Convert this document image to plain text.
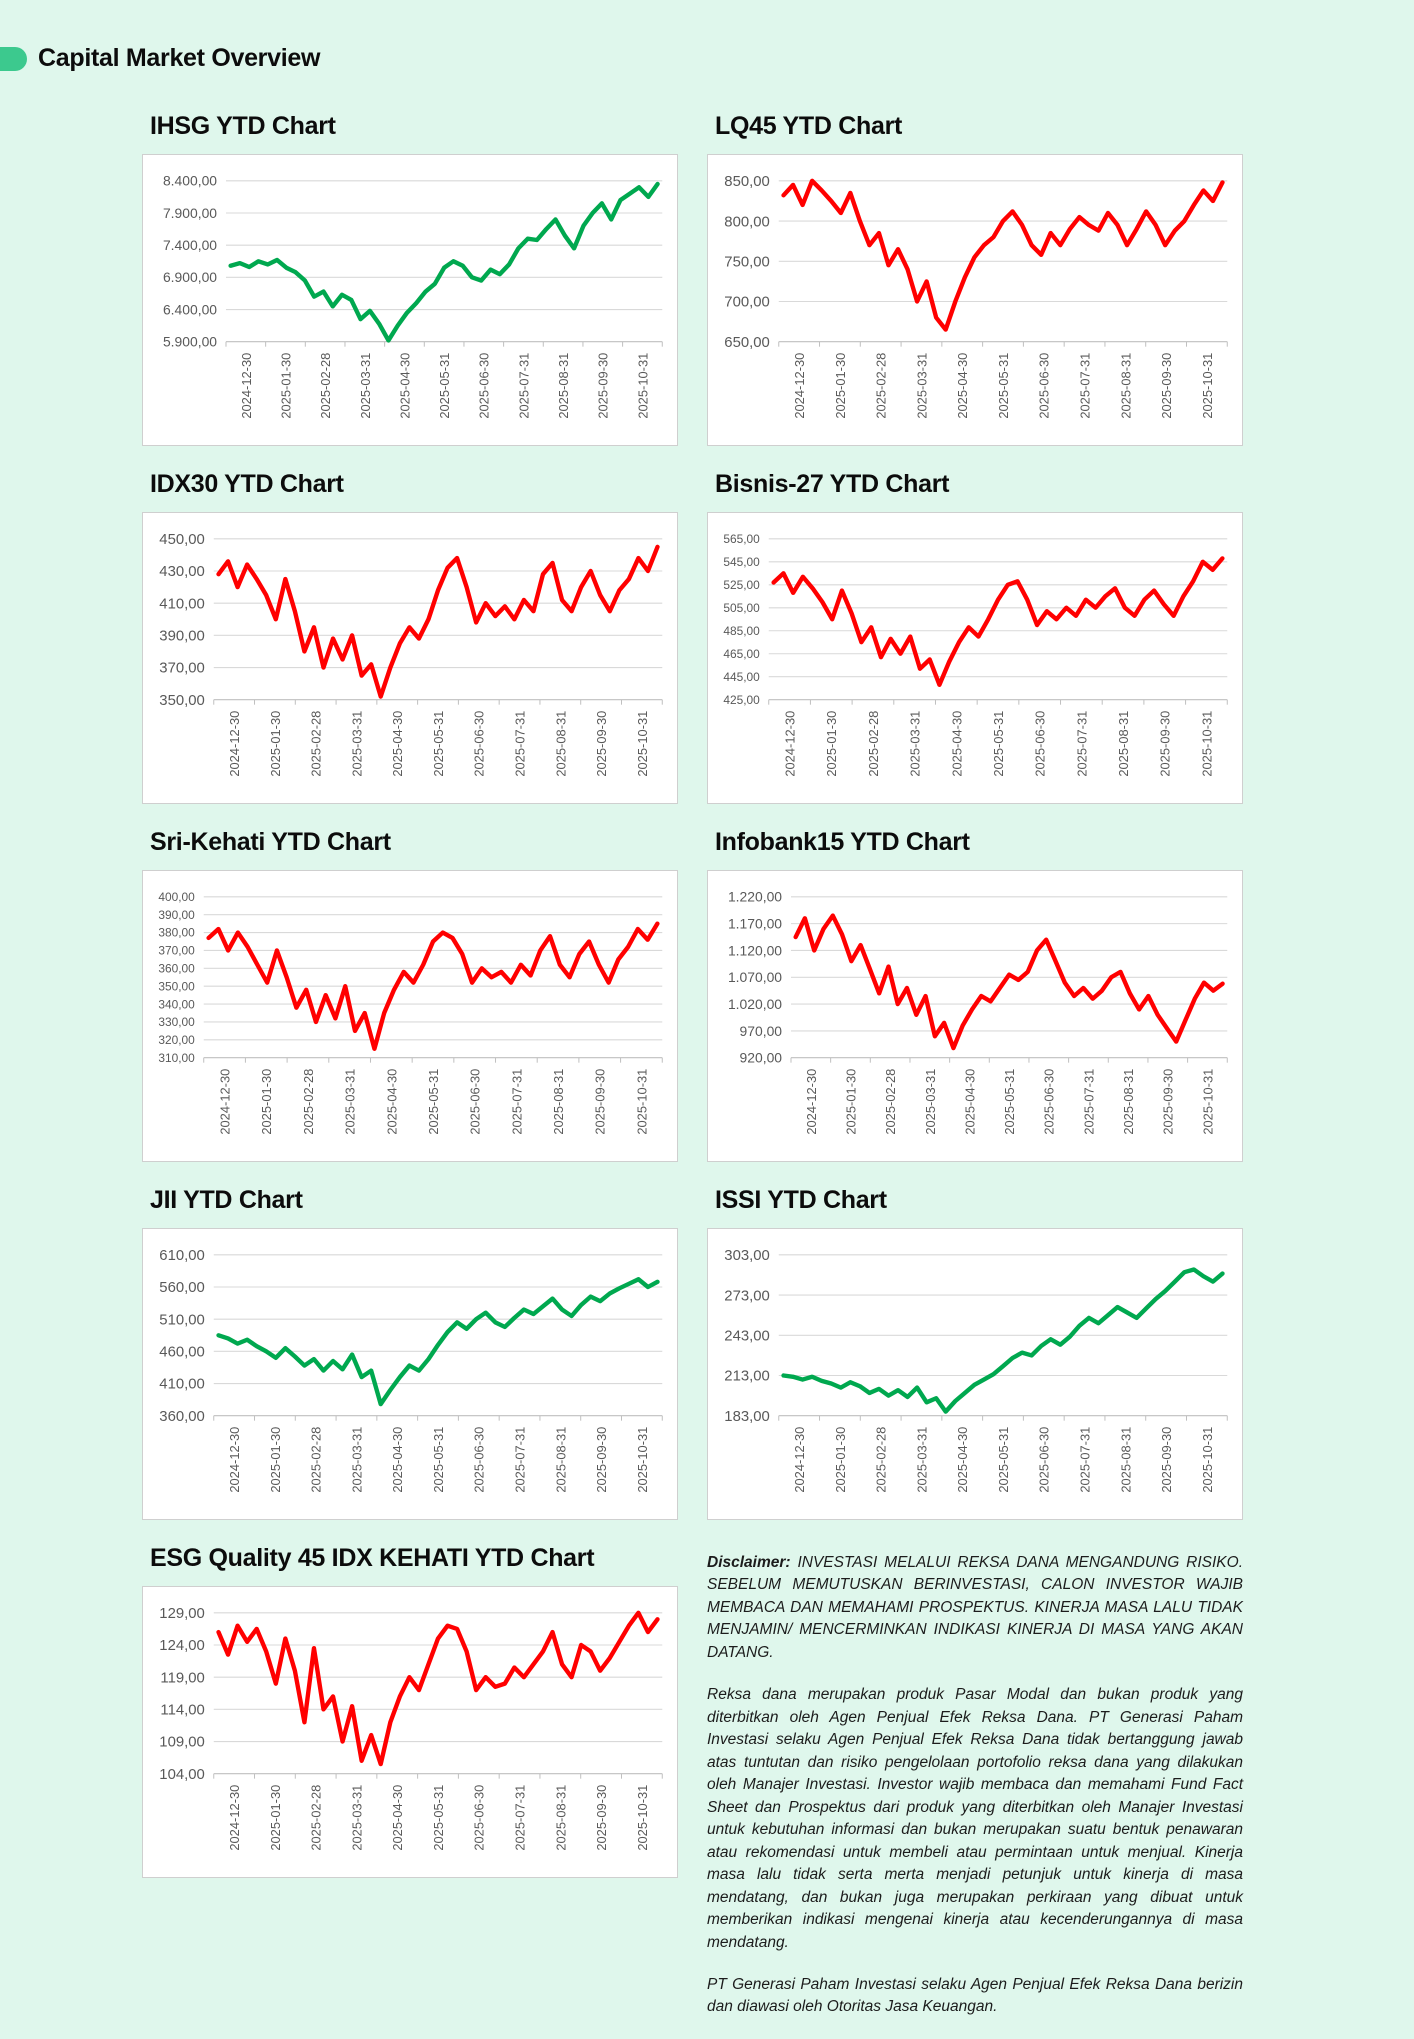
Capital Market Overview
IHSG YTD Chart
8.400,00
7.900,00
7.400,00
6.900,00
6.400,00
5.900,00
2024-12-30 2025-01-30 2025-02-28 2025-03-31 2025-04-30 2025-05-31 2025-06-30 2025-07-31 2025-08-31 2025-09-30 2025-10-31
LQ45 YTD Chart
850,00
800,00
750,00
700,00
650,00
2024-12-30 2025-01-30 2025-02-28 2025-03-31 2025-04-30 2025-05-31 2025-06-30 2025-07-31 2025-08-31 2025-09-30 2025-10-31
IDX30 YTD Chart
450,00
430,00
410,00
390,00
370,00
350,00
2024-12-30 2025-01-30 2025-02-28 2025-03-31 2025-04-30 2025-05-31 2025-06-30 2025-07-31 2025-08-31 2025-09-30 2025-10-31
Bisnis-27 YTD Chart
565,00
545,00
525,00
505,00
485,00
465,00
445,00
425,00
2024-12-30 2025-01-30 2025-02-28 2025-03-31 2025-04-30 2025-05-31 2025-06-30 2025-07-31 2025-08-31 2025-09-30 2025-10-31
Sri-Kehati YTD Chart
400,00
390,00
380,00
370,00
360,00
350,00
340,00
330,00
320,00
310,00
2024-12-30 2025-01-30 2025-02-28 2025-03-31 2025-04-30 2025-05-31 2025-06-30 2025-07-31 2025-08-31 2025-09-30 2025-10-31
Infobank15 YTD Chart
1.220,00
1.170,00
1.120,00
1.070,00
1.020,00
970,00
920,00
2024-12-30 2025-01-30 2025-02-28 2025-03-31 2025-04-30 2025-05-31 2025-06-30 2025-07-31 2025-08-31 2025-09-30 2025-10-31
JII YTD Chart
610,00
560,00
510,00
460,00
410,00
360,00
2024-12-30 2025-01-30 2025-02-28 2025-03-31 2025-04-30 2025-05-31 2025-06-30 2025-07-31 2025-08-31 2025-09-30 2025-10-31
ISSI YTD Chart
303,00
273,00
243,00
213,00
183,00
2024-12-30 2025-01-30 2025-02-28 2025-03-31 2025-04-30 2025-05-31 2025-06-30 2025-07-31 2025-08-31 2025-09-30 2025-10-31
ESG Quality 45 IDX KEHATI YTD Chart
129,00
124,00
119,00
114,00
109,00
104,00
2024-12-30 2025-01-30 2025-02-28 2025-03-31 2025-04-30 2025-05-31 2025-06-30 2025-07-31 2025-08-31 2025-09-30 2025-10-31

Disclaimer: INVESTASI MELALUI REKSA DANA MENGANDUNG RISIKO. SEBELUM MEMUTUSKAN BERINVESTASI, CALON INVESTOR WAJIB MEMBACA DAN MEMAHAMI PROSPEKTUS. KINERJA MASA LALU TIDAK MENJAMIN/ MENCERMINKAN INDIKASI KINERJA DI MASA YANG AKAN DATANG.

Reksa dana merupakan produk Pasar Modal dan bukan produk yang diterbitkan oleh Agen Penjual Efek Reksa Dana. PT Generasi Paham Investasi selaku Agen Penjual Efek Reksa Dana tidak bertanggung jawab atas tuntutan dan risiko pengelolaan portofolio reksa dana yang dilakukan oleh Manajer Investasi. Investor wajib membaca dan memahami Fund Fact Sheet dan Prospektus dari produk yang diterbitkan oleh Manajer Investasi untuk kebutuhan informasi dan bukan merupakan suatu bentuk penawaran atau rekomendasi untuk membeli atau permintaan untuk menjual. Kinerja masa lalu tidak serta merta menjadi petunjuk untuk kinerja di masa mendatang, dan bukan juga merupakan perkiraan yang dibuat untuk memberikan indikasi mengenai kinerja atau kecenderungannya di masa mendatang.

PT Generasi Paham Investasi selaku Agen Penjual Efek Reksa Dana berizin dan diawasi oleh Otoritas Jasa Keuangan.
